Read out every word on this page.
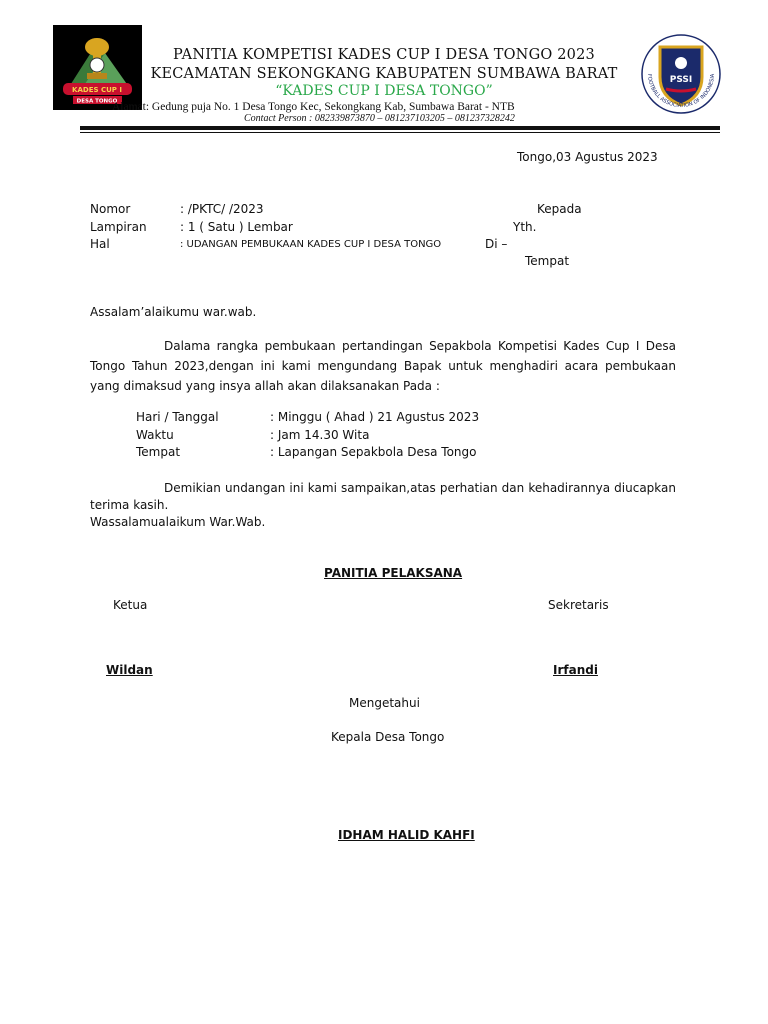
KADES CUP I
DESA TONGO
PSSI
FOOTBALL ASSOCIATION OF INDONESIA
PANITIA KOMPETISI KADES CUP I DESA TONGO 2023
KECAMATAN SEKONGKANG KABUPATEN SUMBAWA BARAT
“KADES CUP I DESA TONGO”
Alamat: Gedung puja No. 1 Desa Tongo Kec, Sekongkang Kab, Sumbawa Barat - NTB
Contact Person : 082339873870 – 081237103205 – 081237328242
Tongo,03 Agustus 2023
Nomor	: /PKTC/ /2023
Lampiran	: 1 ( Satu ) Lembar
Hal	: UDANGAN PEMBUKAAN KADES CUP I DESA TONGO
Kepada
Yth.
Di –
Tempat
Assalam’alaikumu war.wab.
Dalama rangka pembukaan pertandingan Sepakbola Kompetisi Kades Cup I Desa Tongo Tahun 2023,dengan ini kami mengundang Bapak untuk menghadiri acara pembukaan yang dimaksud yang insya allah akan dilaksanakan Pada :
Hari / Tanggal	: Minggu ( Ahad ) 21 Agustus 2023
Waktu	: Jam 14.30 Wita
Tempat	: Lapangan Sepakbola Desa Tongo
Demikian undangan ini kami sampaikan,atas perhatian dan kehadirannya diucapkan terima kasih.
Wassalamualaikum War.Wab.
PANITIA PELAKSANA
Ketua	Sekretaris
Wildan	Irfandi
Mengetahui
Kepala Desa Tongo
IDHAM HALID KAHFI
